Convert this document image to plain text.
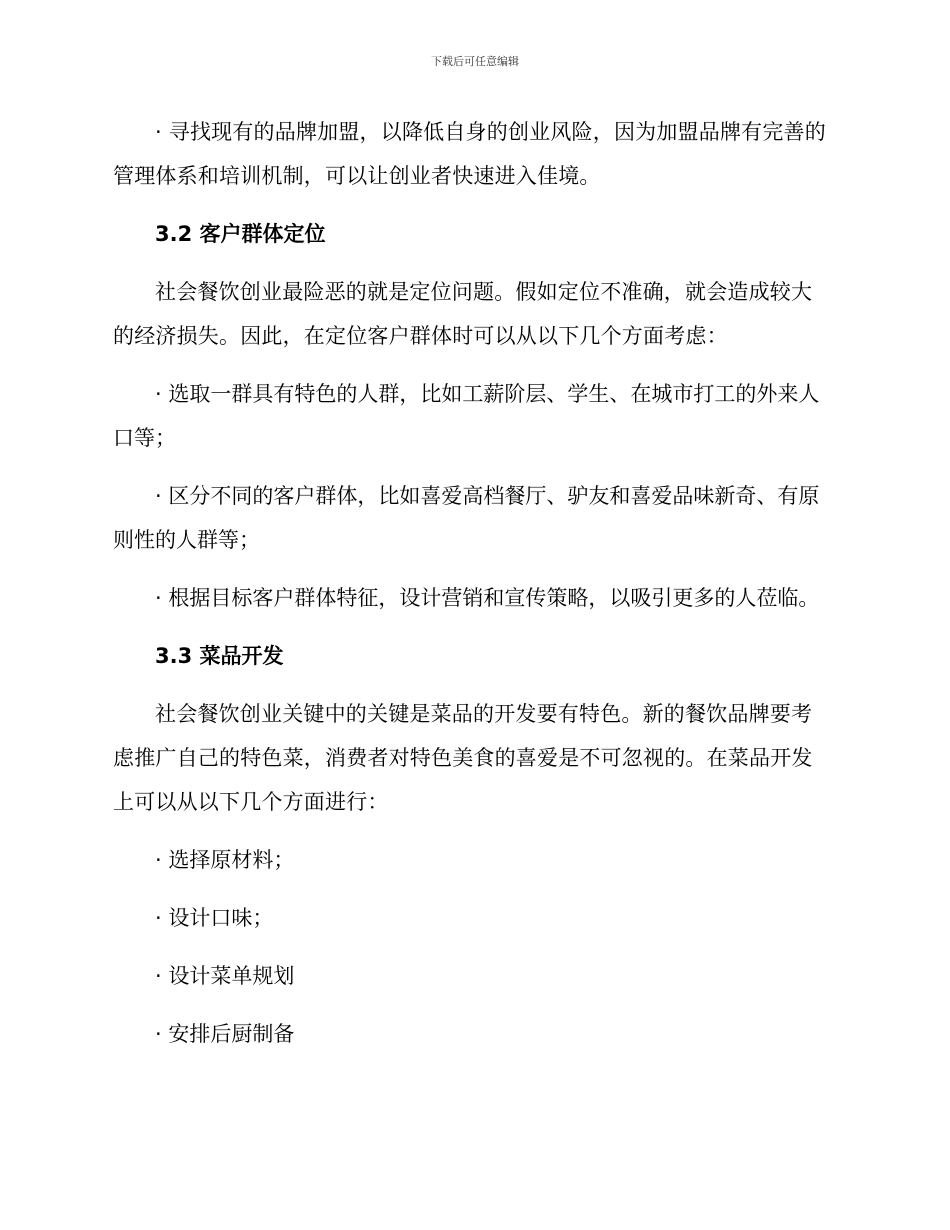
下载后可任意编辑

· 寻找现有的品牌加盟，以降低自身的创业风险，因为加盟品牌有完善的管理体系和培训机制，可以让创业者快速进入佳境。

3.2 客户群体定位

社会餐饮创业最险恶的就是定位问题。假如定位不准确，就会造成较大的经济损失。因此，在定位客户群体时可以从以下几个方面考虑：

· 选取一群具有特色的人群，比如工薪阶层、学生、在城市打工的外来人口等；

· 区分不同的客户群体，比如喜爱高档餐厅、驴友和喜爱品味新奇、有原则性的人群等；

· 根据目标客户群体特征，设计营销和宣传策略，以吸引更多的人莅临。

3.3 菜品开发

社会餐饮创业关键中的关键是菜品的开发要有特色。新的餐饮品牌要考虑推广自己的特色菜，消费者对特色美食的喜爱是不可忽视的。在菜品开发上可以从以下几个方面进行：

· 选择原材料；

· 设计口味；

· 设计菜单规划

· 安排后厨制备
